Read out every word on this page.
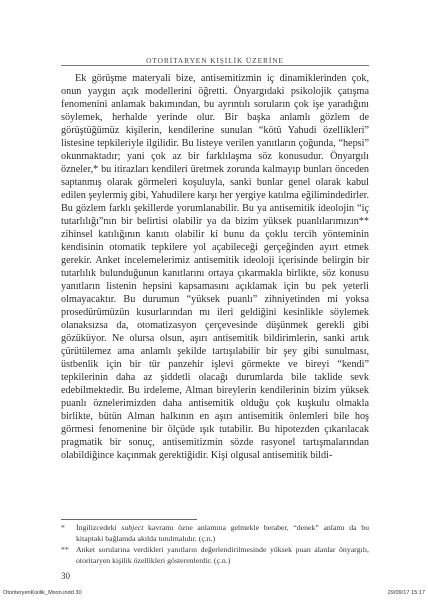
OTORİTARYEN KİŞİLİK ÜZERİNE

Ek görüşme materyali bize, antisemitizmin iç dinamiklerinden çok, onun yaygın açık modellerini öğretti. Önyargıdaki psikolojik çatışma fenomenini anlamak bakımından, bu ayrıntılı soruların çok işe yaradığını söylemek, herhalde yerinde olur. Bir başka anlamlı gözlem de görüştüğümüz kişilerin, kendilerine sunulan “kötü Yahudi özellikleri” listesine tepkileriyle ilgilidir. Bu listeye verilen yanıtların çoğunda, “hepsi” okunmaktadır; yani çok az bir farklılaşma söz konusudur. Önyargılı özneler,* bu itirazları kendileri üretmek zorunda kalmayıp bunları önceden saptanmış olarak görmeleri koşuluyla, sanki bunlar genel olarak kabul edilen şeylermiş gibi, Yahudilere karşı her yergiye katılma eğilimindedirler. Bu gözlem farklı şekillerde yorumlanabilir. Bu ya antisemitik ideolojin “iç tutarlılığı”nın bir belirtisi olabilir ya da bizim yüksek puanlılarımızın** zihinsel katılığının kanıtı olabilir ki bunu da çoklu tercih yönteminin kendisinin otomatik tepkilere yol açabileceği gerçeğinden ayırt etmek gerekir. Anket incelemelerimiz antisemitik ideoloji içerisinde belirgin bir tutarlılık bulunduğunun kanıtlarını ortaya çıkarmakla birlikte, söz konusu yanıtların listenin hepsini kapsamasını açıklamak için bu pek yeterli olmayacaktır. Bu durumun “yüksek puanlı” zihniyetinden mi yoksa prosedürümüzün kusurlarından mı ileri geldiğini kesinlikle söylemek olanaksızsa da, otomatizasyon çerçevesinde düşünmek gerekli gibi gözüküyor. Ne olursa olsun, aşırı antisemitik bildirimlerin, sanki artık çürütülemez ama anlamlı şekilde tartışılabilir bir şey gibi sunulması, üstbenlik için bir tür panzehir işlevi görmekte ve bireyi “kendi” tepkilerinin daha az şiddetli olacağı durumlarda bile taklide sevk edebilmektedir. Bu irdeleme, Alman bireylerin kendilerinin bizim yüksek puanlı öznelerimizden daha antisemitik olduğu çok kuşkulu olmakla birlikte, bütün Alman halkının en aşırı antisemitik önlemleri bile hoş görmesi fenomenine bir ölçüde ışık tutabilir. Bu hipotezden çıkarılacak pragmatik bir sonuç, antisemitizmin sözde rasyonel tartışmalarından olabildiğince kaçınmak gerektiğidir. Kişi olgusal antisemitik bildi-

* İngilizcedeki subject kavramı özne anlamına gelmekle beraber, “denek” anlamı da bu kitaptaki bağlamda akılda tutulmalıdır. (ç.n.)
** Anket sorularına verdikleri yanıtların değerlendirilmesinde yüksek puan alanlar önyargılı, otoritaryen kişilik özellikleri gösterenlerdir. (ç.n.)
30
OtoriteryenKisilik_Mson.indd 30	29/09/17 15:17
